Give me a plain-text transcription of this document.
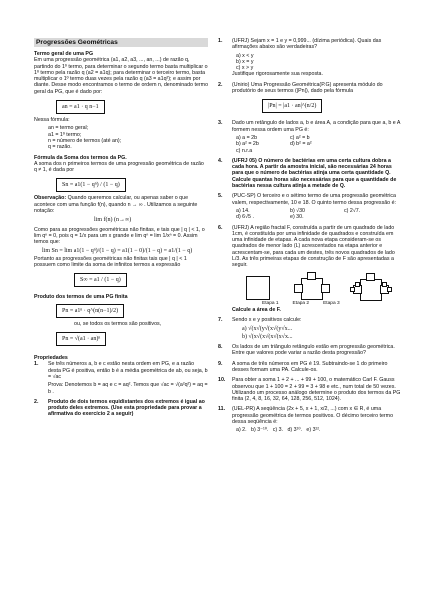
Progressões Geométricas
Termo geral de uma PG

Em uma progressão geométrica (a1, a2, a3, ..., an, ...) de razão q, partindo do 1º termo, para determinar o segundo termo basta multiplicar o 1º termo pela razão q (a2 = a1q); para determinar o terceiro termo, basta multiplicar o 1º termo duas vezes pela razão q (a3 = a1q²); e assim por diante. Desse modo encontramos o termo de ordem n, denominado termo geral da PG, que é dado por:

an = a1 · q n−1

Nessa fórmula:

an = termo geral;
a1 = 1º termo;
n = número de termos (até an);
q = razão.
Fórmula da Soma dos termos da PG.

A soma dos n primeiros termos de uma progressão geométrica de razão q ≠ 1, é dada por

Sn = a1(1 − qⁿ) / (1 − q)

Observação: Quando queremos calcular, ou apenas saber o que acontece com uma função f(n), quando n → ∞ . Utilizamos a seguinte notação:

lim f(n) (n→∞)

Como para as progressões geométricas não finitas, e tais que | q | < 1, o lim qⁿ = 0, pois q = 1/x para um x grande e lim qⁿ = lim 1/xⁿ = 0. Assim temos que:

lim Sn = lim a1(1 − qⁿ)/(1 − q) = a1(1 − 0)/(1 − q) = a1/(1 − q)

Portanto as progressões geométricas não finitas tais que | q | < 1 possuem como limite da soma de infinitos termos a expressão

S∞ = a1 / (1 − q)
Produto dos termos de uma PG finita
Pn = a1ⁿ · q^(n(n−1)/2)

ou, se todos os termos são positivos,

Pn = √(a1 · an)ⁿ
Propriedades
1. Se três números a, b e c estão nesta ordem em PG, e a razão desta PG é positiva, então b é a média geométrica de ab, ou seja, b = √ac

Prova: Denotemos b = aq e c = aq². Temos que √ac = √(a²q²) = aq = b .

2. Produto de dois termos equidistantes dos extremos é igual ao produto deles extremos. (Use esta propriedade para provar a afirmativa do exercício 2 a seguir)

1. (UFRJ) Sejam x = 1 e y = 0,999... (dízima periódica). Quais das afirmações abaixo são verdadeiras?

a) x < y
b) x = y
c) x > y

Justifique rigorosamente sua resposta.

2. (Unirio) Uma Progressão Geométrica(P.G) apresenta módulo do produtório de seus termos (|Pn|), dado pela fórmula

|Pn| = |a1 · an|^(n/2)
3. Dado um retângulo de lados a, b e área A, a condição para que a, b e A formem nessa ordem uma PG é:

a) a = 2b	c) a² = b
b) a² = 2b	d) b² = a²
c) n.r.a
4. (UFRJ 05) O número de bactérias em uma certa cultura dobra a cada hora. A partir da amostra inicial, são necessárias 24 horas para que o número de bactérias atinja uma certa quantidade Q. Calcule quantas horas são necessárias para que a quantidade de bactérias nessa cultura atinja a metade de Q.

5. (PUC-SP) O terceiro e o sétimo termo de uma progressão geométrica valem, respectivamente, 10 e 18. O quinto termo dessa progressão é:

a) 14.	b) √30	c) 2√7.
d) 6√5 .	e) 30.
6. (UFRJ) A região fractal F, construída a partir de um quadrado de lado 1cm, é constituída por uma infinidade de quadrados e construída em uma infinidade de etapas. A cada nova etapa consideram-se os quadrados de menor lado (L) acrescentados na etapa anterior e acrescentam-se, para cada um destes, três novos quadrados de lado L/3. As três primeiras etapas de construção de F são apresentadas a seguir.

Etapa 1	Etapa 2	Etapa 3

Calcule a área de F.

7. Sendo x e y positivos calcule:

a) √(x√(y√(x√(y√x...
b) √(x√(x√(x√(x√x...
8. Os lados de um triângulo retângulo estão em progressão geométrica. Entre que valores pode variar a razão desta progressão?

9. A soma de três números em PG é 19. Subtraindo-se 1 do primeiro desses formam uma PA. Calcule-os.

10. Para obter a soma 1 + 2 + ... + 99 + 100, o matemático Carl F. Gauss observou que 1 + 100 = 2 + 99 = 3 + 98 e etc., num total de 50 vezes. Utilizando um processo análogo determine o produto dos termos da PG finita (2, 4, 8, 16, 32, 64, 128, 256, 512, 1024).

11. (UEL-PR) A seqüência (2x + 5, x + 1, x/2, ...) com x ∈ R, é uma progressão geométrica de termos positivos. O décimo terceiro termo dessa seqüência é:

a) 2. b) 3⁻¹⁰. c) 3. d) 3¹⁰. e) 3¹².
